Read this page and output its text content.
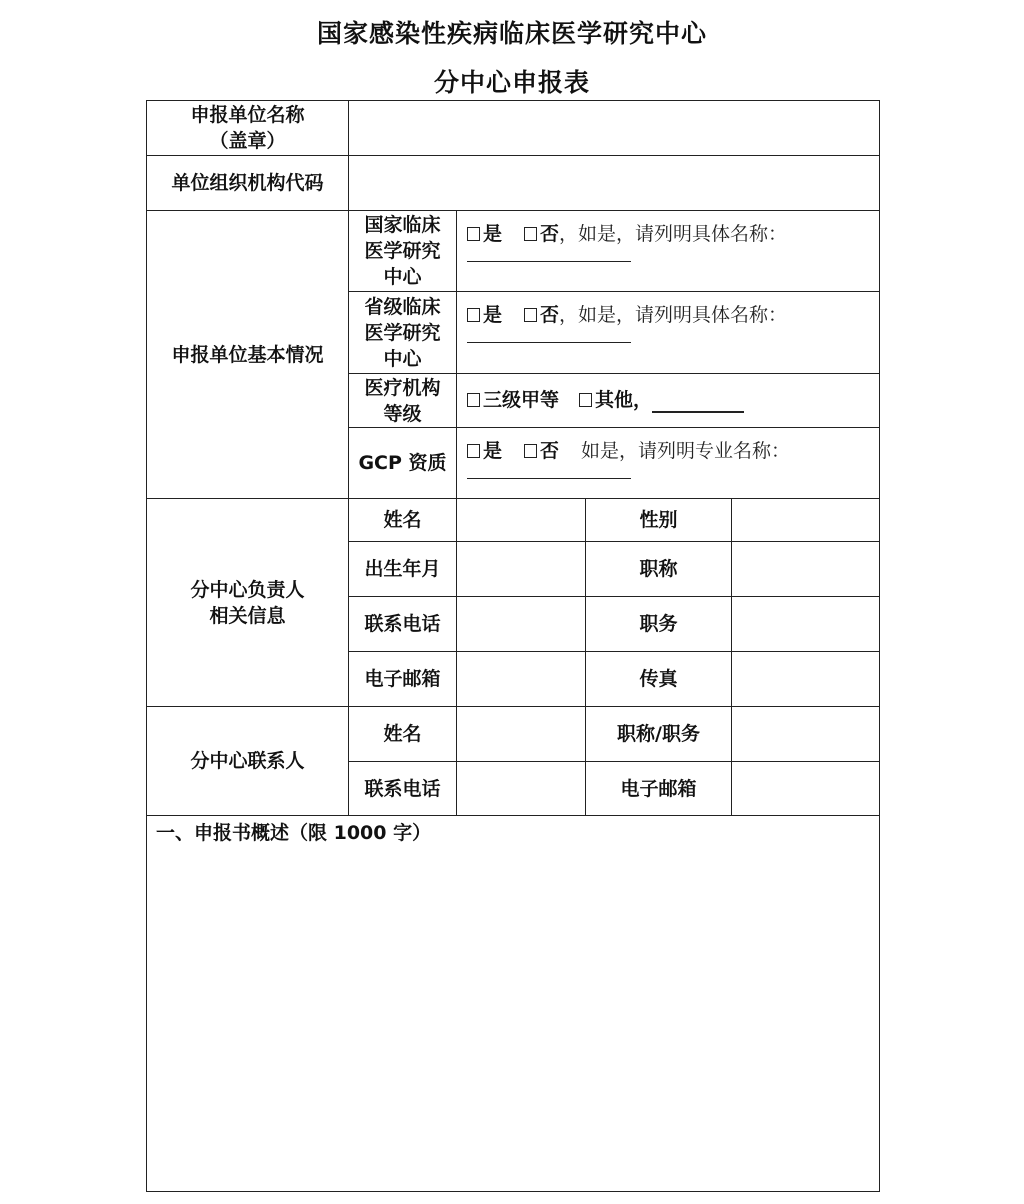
国家感染性疾病临床医学研究中心
分中心申报表
申报单位名称
（盖章）				

单位组织机构代码				
申报单位基本情况	国家临床
医学研究
中心	是 否，如是，请列明具体名称：		

	省级临床
医学研究
中心	是 否，如是，请列明具体名称：		

	医疗机构
等级	三级甲等 其他，		
	GCP 资质	是 否 如是，请列明专业名称：		

分中心负责人
相关信息	姓名		性别	
	出生年月		职称	
	联系电话		职务	
	电子邮箱		传真	
分中心联系人	姓名		职称/职务	
	联系电话		电子邮箱	
一、申报书概述（限 1000 字）				
